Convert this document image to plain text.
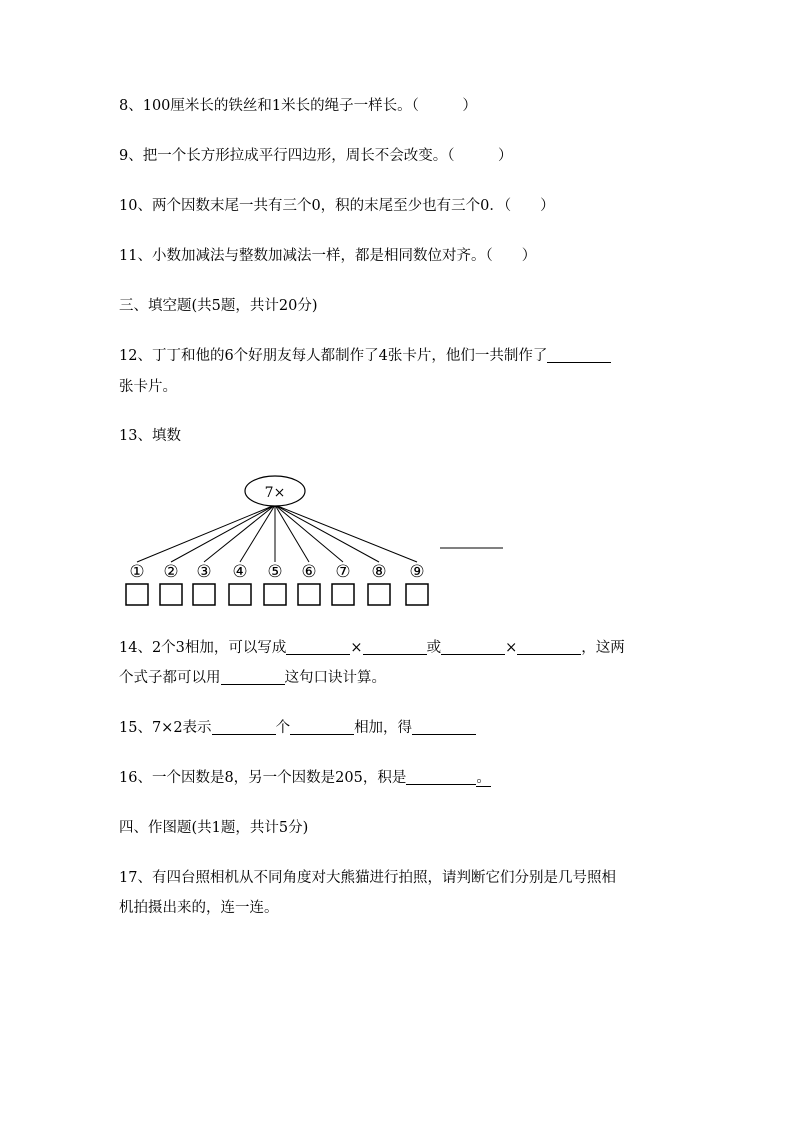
8、100厘米长的铁丝和1米长的绳子一样长。（　　　）
9、把一个长方形拉成平行四边形，周长不会改变。（　　　）
10、两个因数末尾一共有三个0，积的末尾至少也有三个0．（　　）
11、小数加减法与整数加减法一样，都是相同数位对齐。（　　）
三、填空题(共5题，共计20分)
12、丁丁和他的6个好朋友每人都制作了4张卡片，他们一共制作了
张卡片。
13、填数
7×
① ② ③ ④ ⑤ ⑥ ⑦ ⑧ ⑨
14、2个3相加，可以写成	×	或	×	，这两
个式子都可以用	这句口诀计算。
15、7×2表示	个	相加，得
16、一个因数是8，另一个因数是205，积是	。
四、作图题(共1题，共计5分)
17、有四台照相机从不同角度对大熊猫进行拍照，请判断它们分别是几号照相
机拍摄出来的，连一连。
